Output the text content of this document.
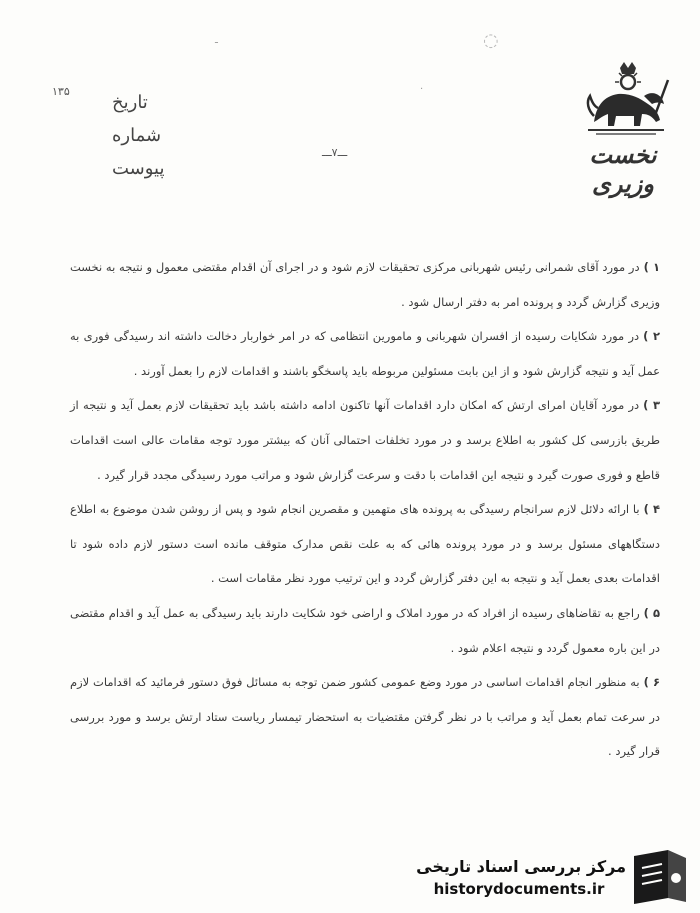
نخست وزیری
تاریخ
شماره
پیوست
۱۳۵
ـــ۷ـــ
◌
·
ـ

۱ )در مورد آقای شمرانی رئیس شهربانی مرکزی تحقیقات لازم شود و در اجرای آن اقدام مقتضی معمول و نتیجه به نخست وزیری گزارش گردد و پرونده امر به دفتر ارسال شود .

۲ )در مورد شکایات رسیده از افسران شهربانی و مامورین انتظامی که در امر خواربار دخالت داشته اند رسیدگی فوری به عمل آید و نتیجه گزارش شود و از این بابت مسئولین مربوطه باید پاسخگو باشند و اقدامات لازم را بعمل آورند .

۳ )در مورد آقایان امرای ارتش که امکان دارد اقدامات آنها تاکنون ادامه داشته باشد باید تحقیقات لازم بعمل آید و نتیجه از طریق بازرسی کل کشور به اطلاع برسد و در مورد تخلفات احتمالی آنان که بیشتر مورد توجه مقامات عالی است اقدامات قاطع و فوری صورت گیرد و نتیجه این اقدامات با دقت و سرعت گزارش شود و مراتب مورد رسیدگی مجدد قرار گیرد .

۴ )با ارائه دلائل لازم سرانجام رسیدگی به پرونده های متهمین و مقصرین انجام شود و پس از روشن شدن موضوع به اطلاع دستگاههای مسئول برسد و در مورد پرونده هائی که به علت نقص مدارک متوقف مانده است دستور لازم داده شود تا اقدامات بعدی بعمل آید و نتیجه به این دفتر گزارش گردد و این ترتیب مورد نظر مقامات است .

۵ )راجع به تقاضاهای رسیده از افراد که در مورد املاک و اراضی خود شکایت دارند باید رسیدگی به عمل آید و اقدام مقتضی در این باره معمول گردد و نتیجه اعلام شود .

۶ )به منظور انجام اقدامات اساسی در مورد وضع عمومی کشور ضمن توجه به مسائل فوق دستور فرمائید که اقدامات لازم در سرعت تمام بعمل آید و مراتب با در نظر گرفتن مقتضیات به استحضار تیمسار ریاست ستاد ارتش برسد و مورد بررسی قرار گیرد .

مرکز بررسی اسناد تاریخی
historydocuments.ir
